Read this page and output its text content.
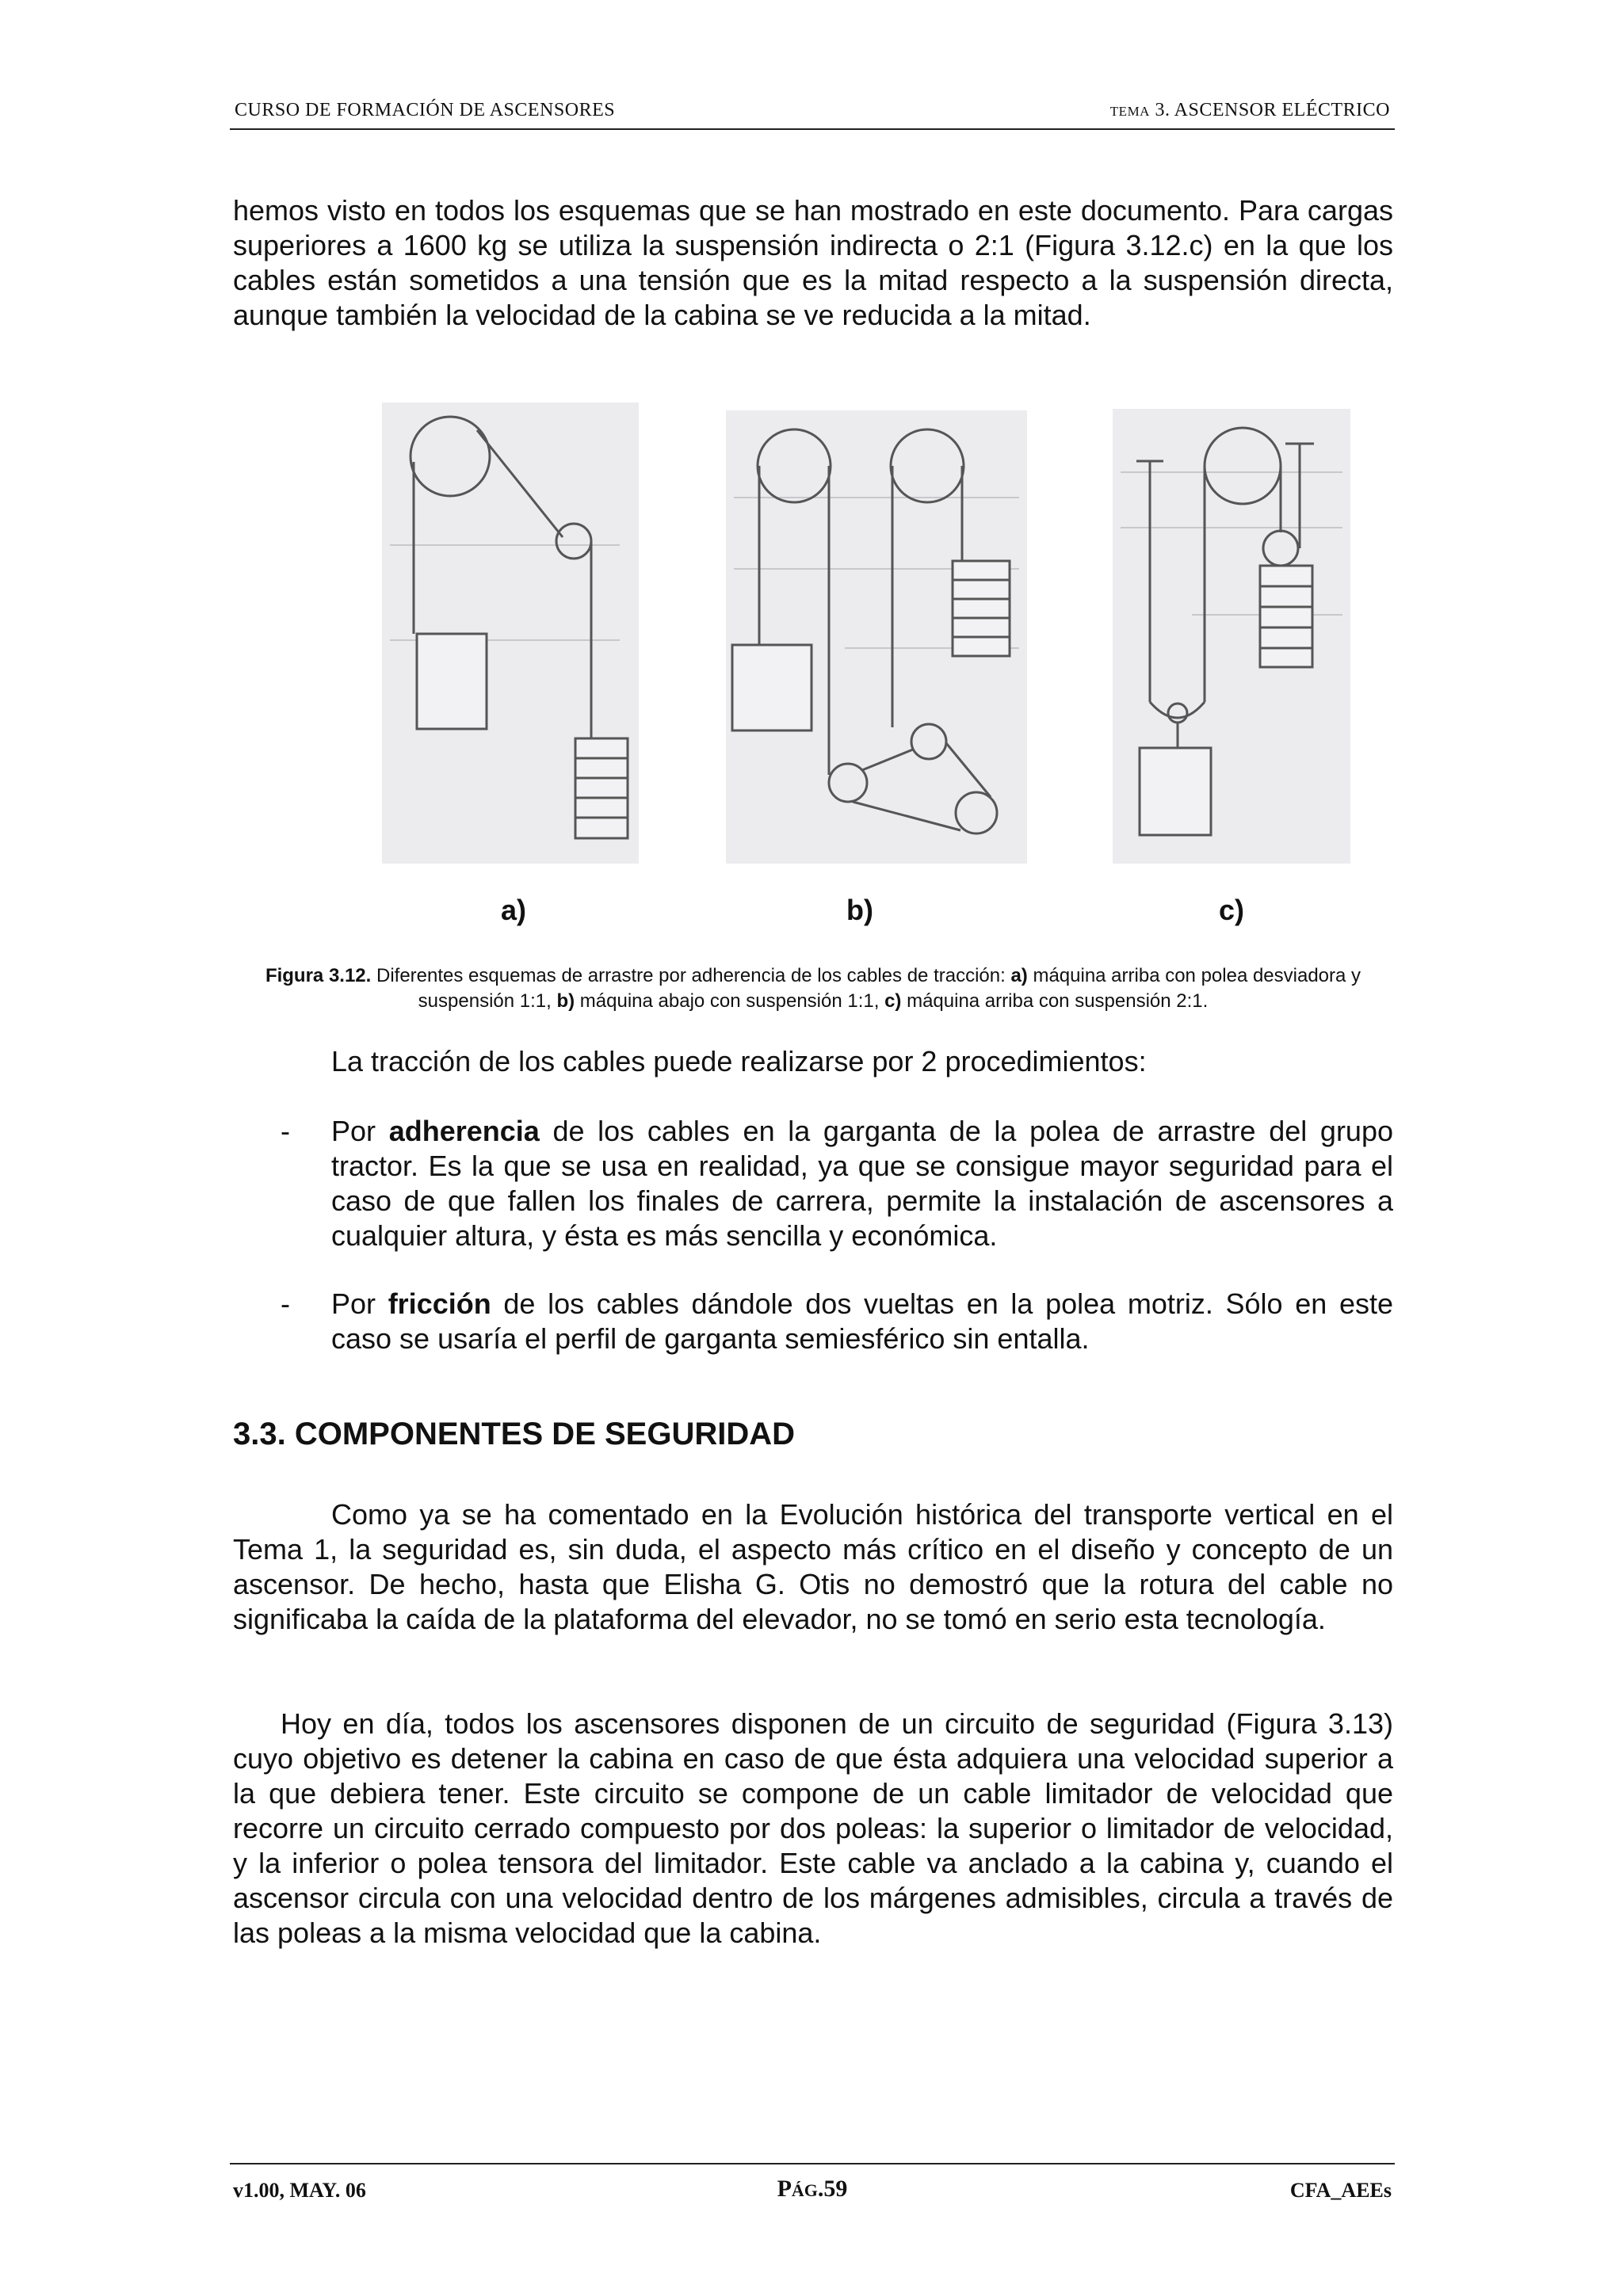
CURSO DE FORMACIÓN DE ASCENSORES	TEMA 3. ASCENSOR ELÉCTRICO

hemos visto en todos los esquemas que se han mostrado en este documento. Para cargas superiores a 1600 kg se utiliza la suspensión indirecta o 2:1 (Figura 3.12.c) en la que los cables están sometidos a una tensión que es la mitad respecto a la suspensión directa, aunque también la velocidad de la cabina se ve reducida a la mitad.

a)	b)	c)
Figura 3.12. Diferentes esquemas de arrastre por adherencia de los cables de tracción: a) máquina arriba con polea desviadora y suspensión 1:1, b) máquina abajo con suspensión 1:1, c) máquina arriba con suspensión 2:1.

La tracción de los cables puede realizarse por 2 procedimientos:

- Por adherencia de los cables en la garganta de la polea de arrastre del grupo tractor. Es la que se usa en realidad, ya que se consigue mayor seguridad para el caso de que fallen los finales de carrera, permite la instalación de ascensores a cualquier altura, y ésta es más sencilla y económica.
- Por fricción de los cables dándole dos vueltas en la polea motriz. Sólo en este caso se usaría el perfil de garganta semiesférico sin entalla.
3.3. COMPONENTES DE SEGURIDAD

Como ya se ha comentado en la Evolución histórica del transporte vertical en el Tema 1, la seguridad es, sin duda, el aspecto más crítico en el diseño y concepto de un ascensor. De hecho, hasta que Elisha G. Otis no demostró que la rotura del cable no significaba la caída de la plataforma del elevador, no se tomó en serio esta tecnología.

Hoy en día, todos los ascensores disponen de un circuito de seguridad (Figura 3.13) cuyo objetivo es detener la cabina en caso de que ésta adquiera una velocidad superior a la que debiera tener. Este circuito se compone de un cable limitador de velocidad que recorre un circuito cerrado compuesto por dos poleas: la superior o limitador de velocidad, y la inferior o polea tensora del limitador. Este cable va anclado a la cabina y, cuando el ascensor circula con una velocidad dentro de los márgenes admisibles, circula a través de las poleas a la misma velocidad que la cabina.

v1.00, MAY. 06	PÁG.59	CFA_AEEs
